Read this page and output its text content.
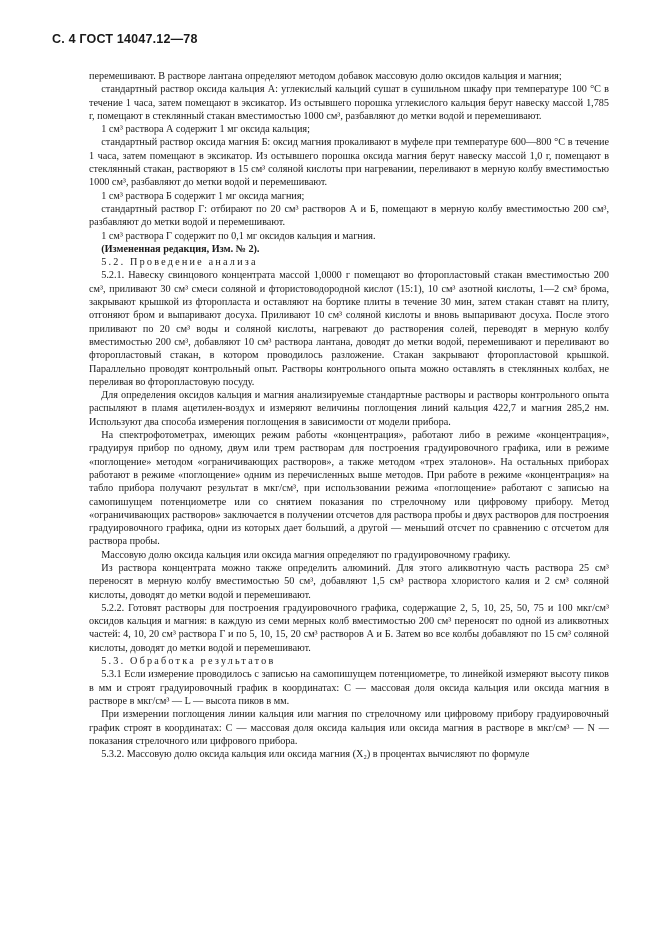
С. 4 ГОСТ 14047.12—78

перемешивают. В растворе лантана определяют методом добавок массовую долю оксидов кальция и магния;

стандартный раствор оксида кальция А: углекислый кальций сушат в сушильном шкафу при температуре 100 °С в течение 1 часа, затем помещают в эксикатор. Из остывшего порошка углекислого кальция берут навеску массой 1,785 г, помещают в стеклянный стакан вместимостью 1000 см³, разбавляют до метки водой и перемешивают.

1 см³ раствора А содержит 1 мг оксида кальция;

стандартный раствор оксида магния Б: оксид магния прокаливают в муфеле при температуре 600—800 °С в течение 1 часа, затем помещают в эксикатор. Из остывшего порошка оксида магния берут навеску массой 1,0 г, помещают в стеклянный стакан, растворяют в 15 см³ соляной кислоты при нагревании, переливают в мерную колбу вместимостью 1000 см³, разбавляют до метки водой и перемешивают.

1 см³ раствора Б содержит 1 мг оксида магния;

стандартный раствор Г: отбирают по 20 см³ растворов А и Б, помещают в мерную колбу вместимостью 200 см³, разбавляют до метки водой и перемешивают.

1 см³ раствора Г содержит по 0,1 мг оксидов кальция и магния.

(Измененная редакция, Изм. № 2).

5.2. Проведение анализа

5.2.1. Навеску свинцового концентрата массой 1,0000 г помещают во фторопластовый стакан вместимостью 200 см³, приливают 30 см³ смеси соляной и фтористоводородной кислот (15:1), 10 см³ азотной кислоты, 1—2 см³ брома, закрывают крышкой из фторопласта и оставляют на бортике плиты в течение 30 мин, затем стакан ставят на плиту, отгоняют бром и выпаривают досуха. Приливают 10 см³ соляной кислоты и вновь выпаривают досуха. После этого приливают по 20 см³ воды и соляной кислоты, нагревают до растворения солей, переводят в мерную колбу вместимостью 200 см³, добавляют 10 см³ раствора лантана, доводят до метки водой, перемешивают и переливают во фторопластовый стакан, в котором проводилось разложение. Стакан закрывают фторопластовой крышкой. Параллельно проводят контрольный опыт. Растворы контрольного опыта можно оставлять в стеклянных колбах, не переливая во фторопластовую посуду.

Для определения оксидов кальция и магния анализируемые стандартные растворы и растворы контрольного опыта распыляют в пламя ацетилен-воздух и измеряют величины поглощения линий кальция 422,7 и магния 285,2 нм. Используют два способа измерения поглощения в зависимости от модели прибора.

На спектрофотометрах, имеющих режим работы «концентрация», работают либо в режиме «концентрация», градуируя прибор по одному, двум или трем растворам для построения градуировочного графика, или в режиме «поглощение» методом «ограничивающих растворов», а также методом «трех эталонов». На остальных приборах работают в режиме «поглощение» одним из перечисленных выше методов. При работе в режиме «концентрация» на табло прибора получают результат в мкг/см³, при использовании режима «поглощение» работают с записью на самопишущем потенциометре или со снятием показания по стрелочному или цифровому прибору. Метод «ограничивающих растворов» заключается в получении отсчетов для раствора пробы и двух растворов для построения градуировочного графика, одни из которых дает больший, а другой — меньший отсчет по сравнению с отсчетом для раствора пробы.

Массовую долю оксида кальция или оксида магния определяют по градуировочному графику.

Из раствора концентрата можно также определить алюминий. Для этого аликвотную часть раствора 25 см³ переносят в мерную колбу вместимостью 50 см³, добавляют 1,5 см³ раствора хлористого калия и 2 см³ соляной кислоты, доводят до метки водой и перемешивают.

5.2.2. Готовят растворы для построения градуировочного графика, содержащие 2, 5, 10, 25, 50, 75 и 100 мкг/см³ оксидов кальция и магния: в каждую из семи мерных колб вместимостью 200 см³ переносят по одной из аликвотных частей: 4, 10, 20 см³ раствора Г и по 5, 10, 15, 20 см³ растворов А и Б. Затем во все колбы добавляют по 15 см³ соляной кислоты, доводят до метки водой и перемешивают.

5.3. Обработка результатов

5.3.1 Если измерение проводилось с записью на самопишущем потенциометре, то линейкой измеряют высоту пиков в мм и строят градуировочный график в координатах: C — массовая доля оксида кальция или оксида магния в растворе в мкг/см³ — L — высота пиков в мм.

При измерении поглощения линии кальция или магния по стрелочному или цифровому прибору градуировочный график строят в координатах: C — массовая доля оксида кальция или оксида магния в растворе в мкг/см³ — N — показания стрелочного или цифрового прибора.

5.3.2. Массовую долю оксида кальция или оксида магния (X₂) в процентах вычисляют по формуле
